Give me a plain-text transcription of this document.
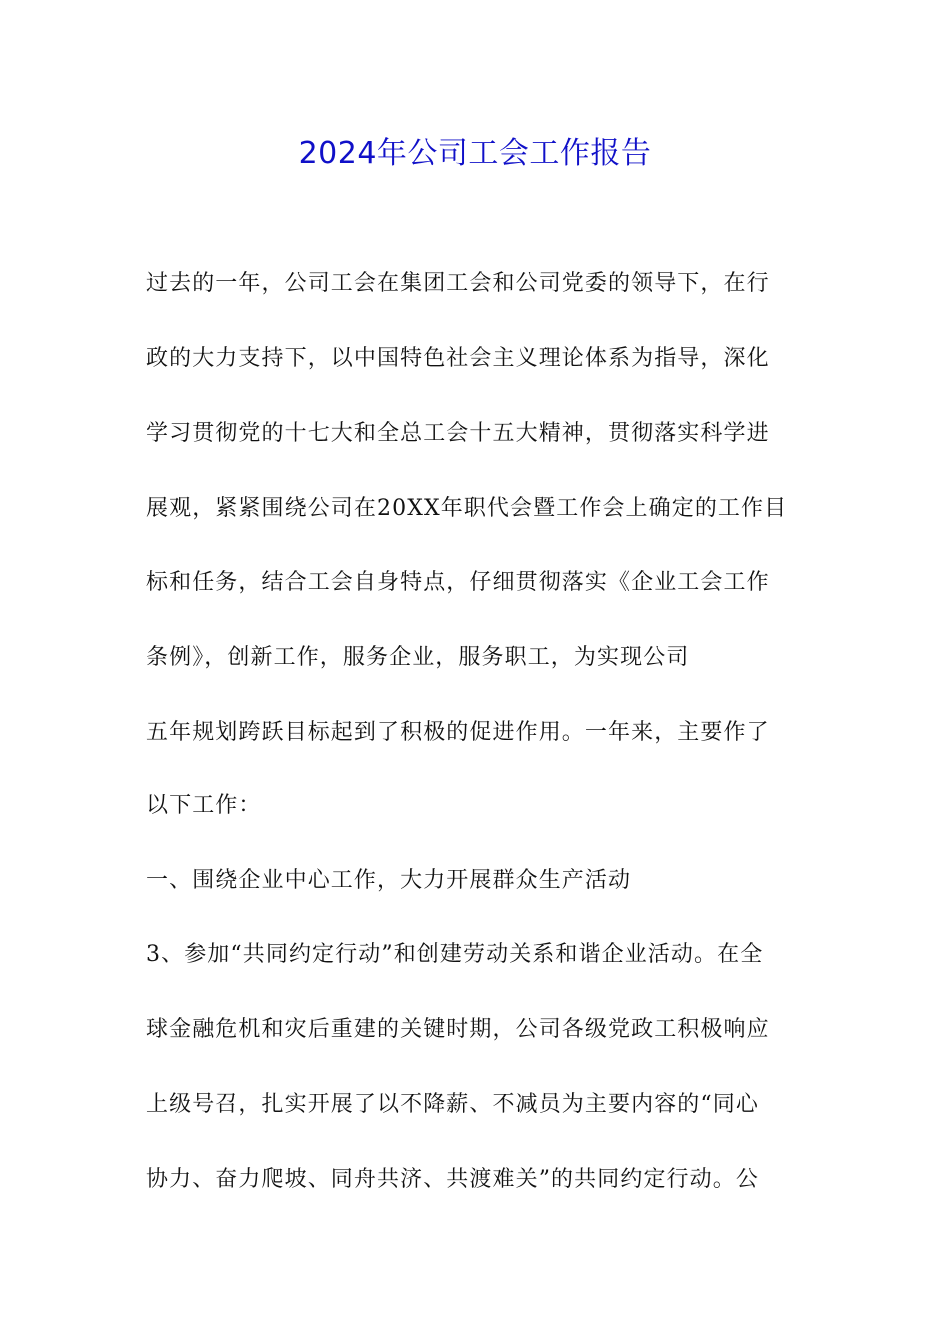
2024年公司工会工作报告
过去的一年，公司工会在集团工会和公司党委的领导下，在行
政的大力支持下，以中国特色社会主义理论体系为指导，深化
学习贯彻党的十七大和全总工会十五大精神，贯彻落实科学进
展观，紧紧围绕公司在20XX年职代会暨工作会上确定的工作目
标和任务，结合工会自身特点，仔细贯彻落实《企业工会工作
条例》，创新工作，服务企业，服务职工，为实现公司
五年规划跨跃目标起到了积极的促进作用。一年来，主要作了
以下工作：
一、围绕企业中心工作，大力开展群众生产活动
3、参加“共同约定行动”和创建劳动关系和谐企业活动。在全
球金融危机和灾后重建的关键时期，公司各级党政工积极响应
上级号召，扎实开展了以不降薪、不减员为主要内容的“同心
协力、奋力爬坡、同舟共济、共渡难关”的共同约定行动。公
